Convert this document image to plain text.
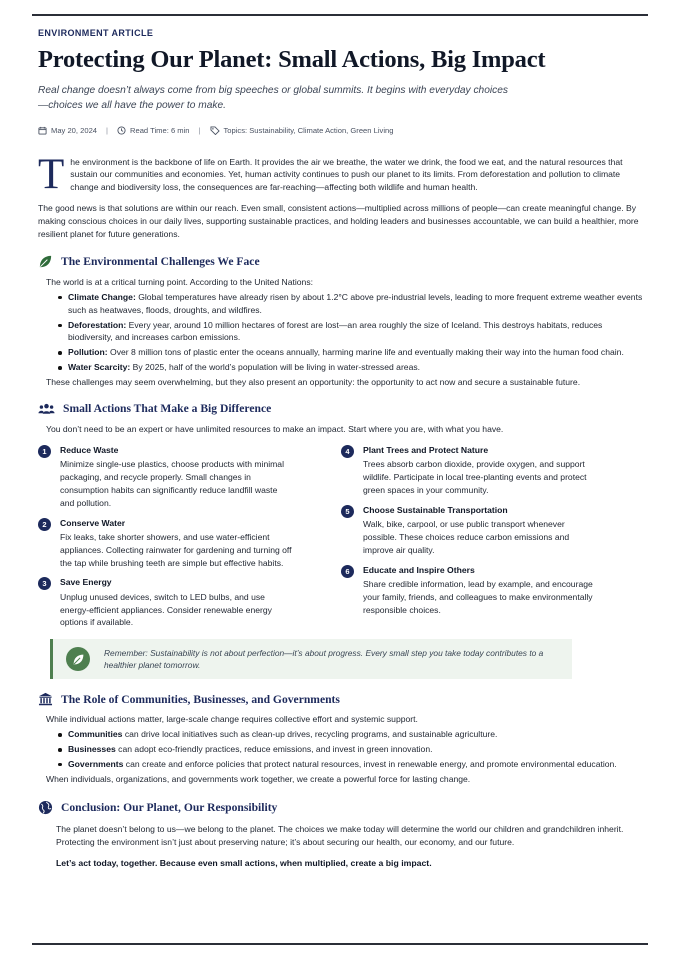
ENVIRONMENT ARTICLE
Protecting Our Planet: Small Actions, Big Impact

Real change doesn’t always come from big speeches or global summits. It begins with everyday choices—choices we all have the power to make.

May 20, 2024 |	Read Time: 6 min |	Topics: Sustainability, Climate Action, Green Living
The environment is the backbone of life on Earth. It provides the air we breathe, the water we drink, the food we eat, and the natural resources that sustain our communities and economies. Yet, human activity continues to push our planet to its limits. From deforestation and pollution to climate change and biodiversity loss, the consequences are far-reaching—affecting both wildlife and human health.

The good news is that solutions are within our reach. Even small, consistent actions—multiplied across millions of people—can create meaningful change. By making conscious choices in our daily lives, supporting sustainable practices, and holding leaders and businesses accountable, we can build a healthier, more resilient planet for future generations.

The Environmental Challenges We Face

The world is at a critical turning point. According to the United Nations:

Climate Change: Global temperatures have already risen by about 1.2°C above pre-industrial levels, leading to more frequent extreme weather events such as heatwaves, floods, droughts, and wildfires.
Deforestation: Every year, around 10 million hectares of forest are lost—an area roughly the size of Iceland. This destroys habitats, reduces biodiversity, and increases carbon emissions.
Pollution: Over 8 million tons of plastic enter the oceans annually, harming marine life and eventually making their way into the human food chain.
Water Scarcity: By 2025, half of the world’s population will be living in water-stressed areas.

These challenges may seem overwhelming, but they also present an opportunity: the opportunity to act now and secure a sustainable future.

Small Actions That Make a Big Difference

You don’t need to be an expert or have unlimited resources to make an impact. Start where you are, with what you have.

1	Reduce Waste
Minimize single-use plastics, choose products with minimal packaging, and recycle properly. Small changes in consumption habits can significantly reduce landfill waste and pollution.
2	Conserve Water
Fix leaks, take shorter showers, and use water-efficient appliances. Collecting rainwater for gardening and turning off the tap while brushing teeth are simple but effective habits.
3	Save Energy
Unplug unused devices, switch to LED bulbs, and use energy-efficient appliances. Consider renewable energy options if available.
4	Plant Trees and Protect Nature
Trees absorb carbon dioxide, provide oxygen, and support wildlife. Participate in local tree-planting events and protect green spaces in your community.
5	Choose Sustainable Transportation
Walk, bike, carpool, or use public transport whenever possible. These choices reduce carbon emissions and improve air quality.
6	Educate and Inspire Others
Share credible information, lead by example, and encourage your family, friends, and colleagues to make environmentally responsible choices.

Remember: Sustainability is not about perfection—it’s about progress. Every small step you take today contributes to a healthier planet tomorrow.

The Role of Communities, Businesses, and Governments

While individual actions matter, large-scale change requires collective effort and systemic support.

Communities can drive local initiatives such as clean-up drives, recycling programs, and sustainable agriculture.
Businesses can adopt eco-friendly practices, reduce emissions, and invest in green innovation.
Governments can create and enforce policies that protect natural resources, invest in renewable energy, and promote environmental education.

When individuals, organizations, and governments work together, we create a powerful force for lasting change.

Conclusion: Our Planet, Our Responsibility

The planet doesn’t belong to us—we belong to the planet. The choices we make today will determine the world our children and grandchildren inherit. Protecting the environment isn’t just about preserving nature; it’s about securing our health, our economy, and our future.

Let’s act today, together. Because even small actions, when multiplied, create a big impact.
